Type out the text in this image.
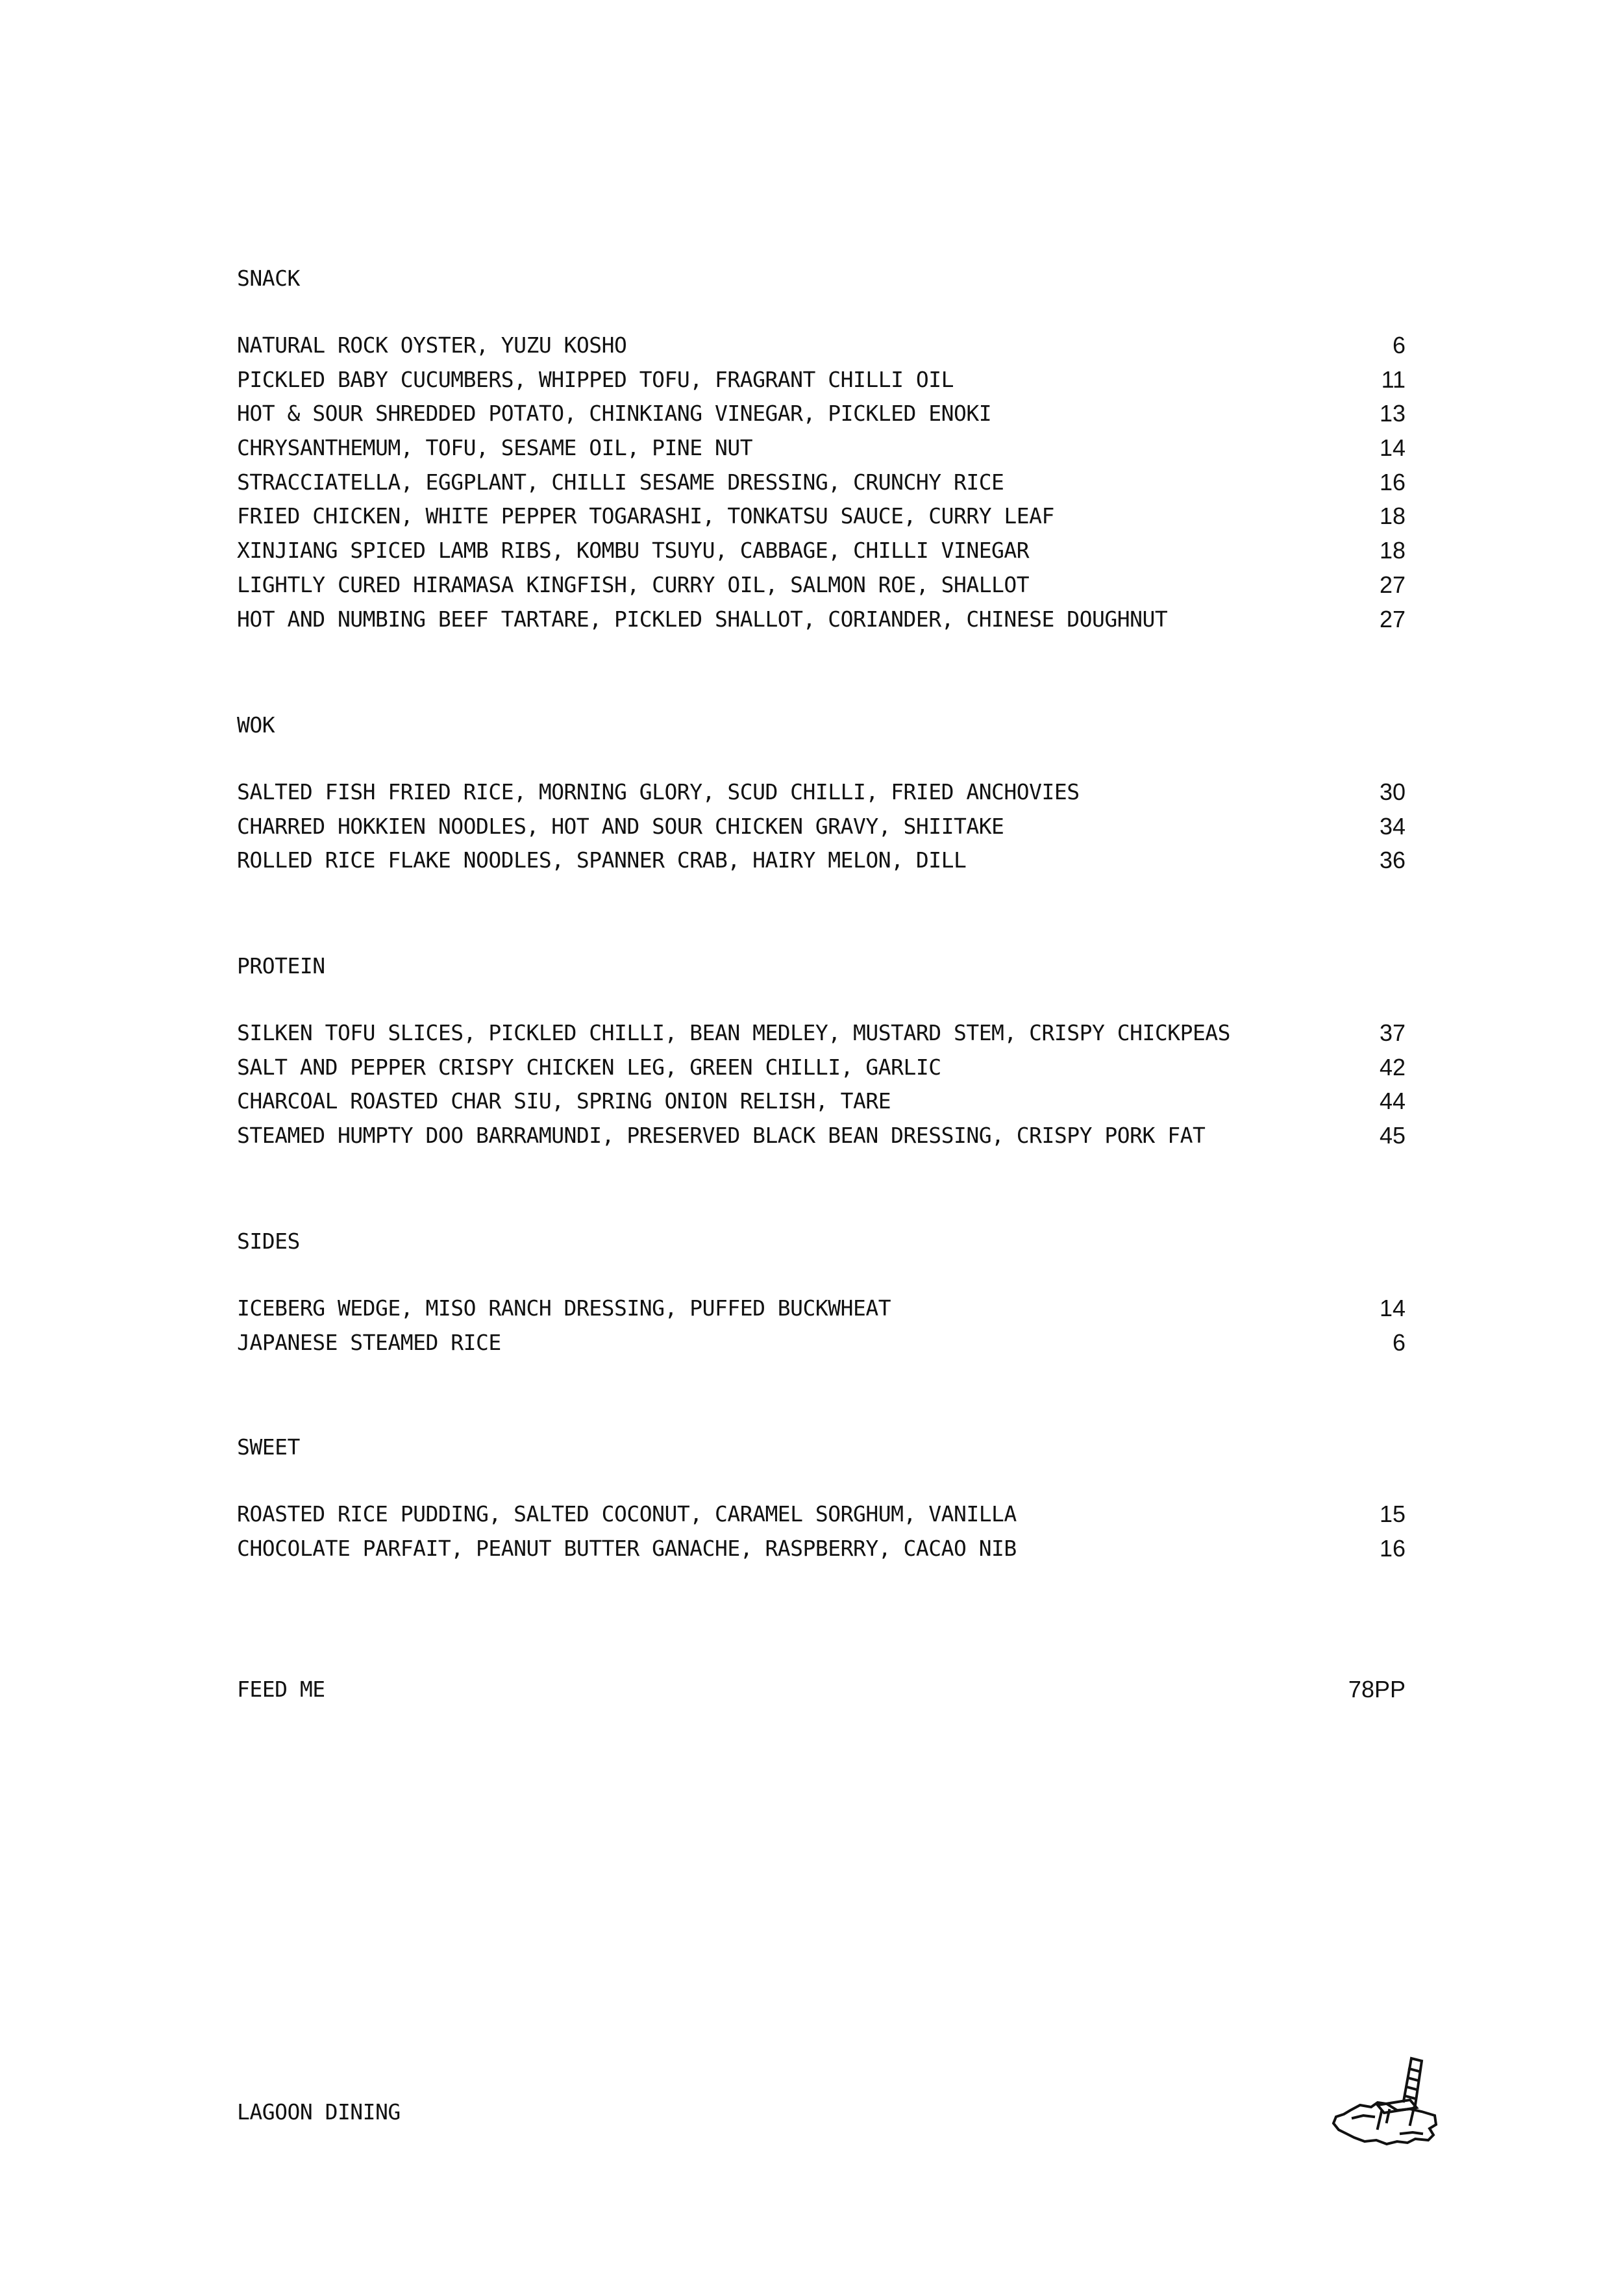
SNACK
NATURAL ROCK OYSTER, YUZU KOSHO	6
PICKLED BABY CUCUMBERS, WHIPPED TOFU, FRAGRANT CHILLI OIL	11
HOT & SOUR SHREDDED POTATO, CHINKIANG VINEGAR, PICKLED ENOKI	13
CHRYSANTHEMUM, TOFU, SESAME OIL, PINE NUT	14
STRACCIATELLA, EGGPLANT, CHILLI SESAME DRESSING, CRUNCHY RICE	16
FRIED CHICKEN, WHITE PEPPER TOGARASHI, TONKATSU SAUCE, CURRY LEAF	18
XINJIANG SPICED LAMB RIBS, KOMBU TSUYU, CABBAGE, CHILLI VINEGAR	18
LIGHTLY CURED HIRAMASA KINGFISH, CURRY OIL, SALMON ROE, SHALLOT	27
HOT AND NUMBING BEEF TARTARE, PICKLED SHALLOT, CORIANDER, CHINESE DOUGHNUT	27
WOK
SALTED FISH FRIED RICE, MORNING GLORY, SCUD CHILLI, FRIED ANCHOVIES	30
CHARRED HOKKIEN NOODLES, HOT AND SOUR CHICKEN GRAVY, SHIITAKE	34
ROLLED RICE FLAKE NOODLES, SPANNER CRAB, HAIRY MELON, DILL	36
PROTEIN
SILKEN TOFU SLICES, PICKLED CHILLI, BEAN MEDLEY, MUSTARD STEM, CRISPY CHICKPEAS	37
SALT AND PEPPER CRISPY CHICKEN LEG, GREEN CHILLI, GARLIC	42
CHARCOAL ROASTED CHAR SIU, SPRING ONION RELISH, TARE	44
STEAMED HUMPTY DOO BARRAMUNDI, PRESERVED BLACK BEAN DRESSING, CRISPY PORK FAT	45
SIDES
ICEBERG WEDGE, MISO RANCH DRESSING, PUFFED BUCKWHEAT	14
JAPANESE STEAMED RICE	6
SWEET
ROASTED RICE PUDDING, SALTED COCONUT, CARAMEL SORGHUM, VANILLA	15
CHOCOLATE PARFAIT, PEANUT BUTTER GANACHE, RASPBERRY, CACAO NIB	16
FEED ME	78PP
LAGOON DINING
